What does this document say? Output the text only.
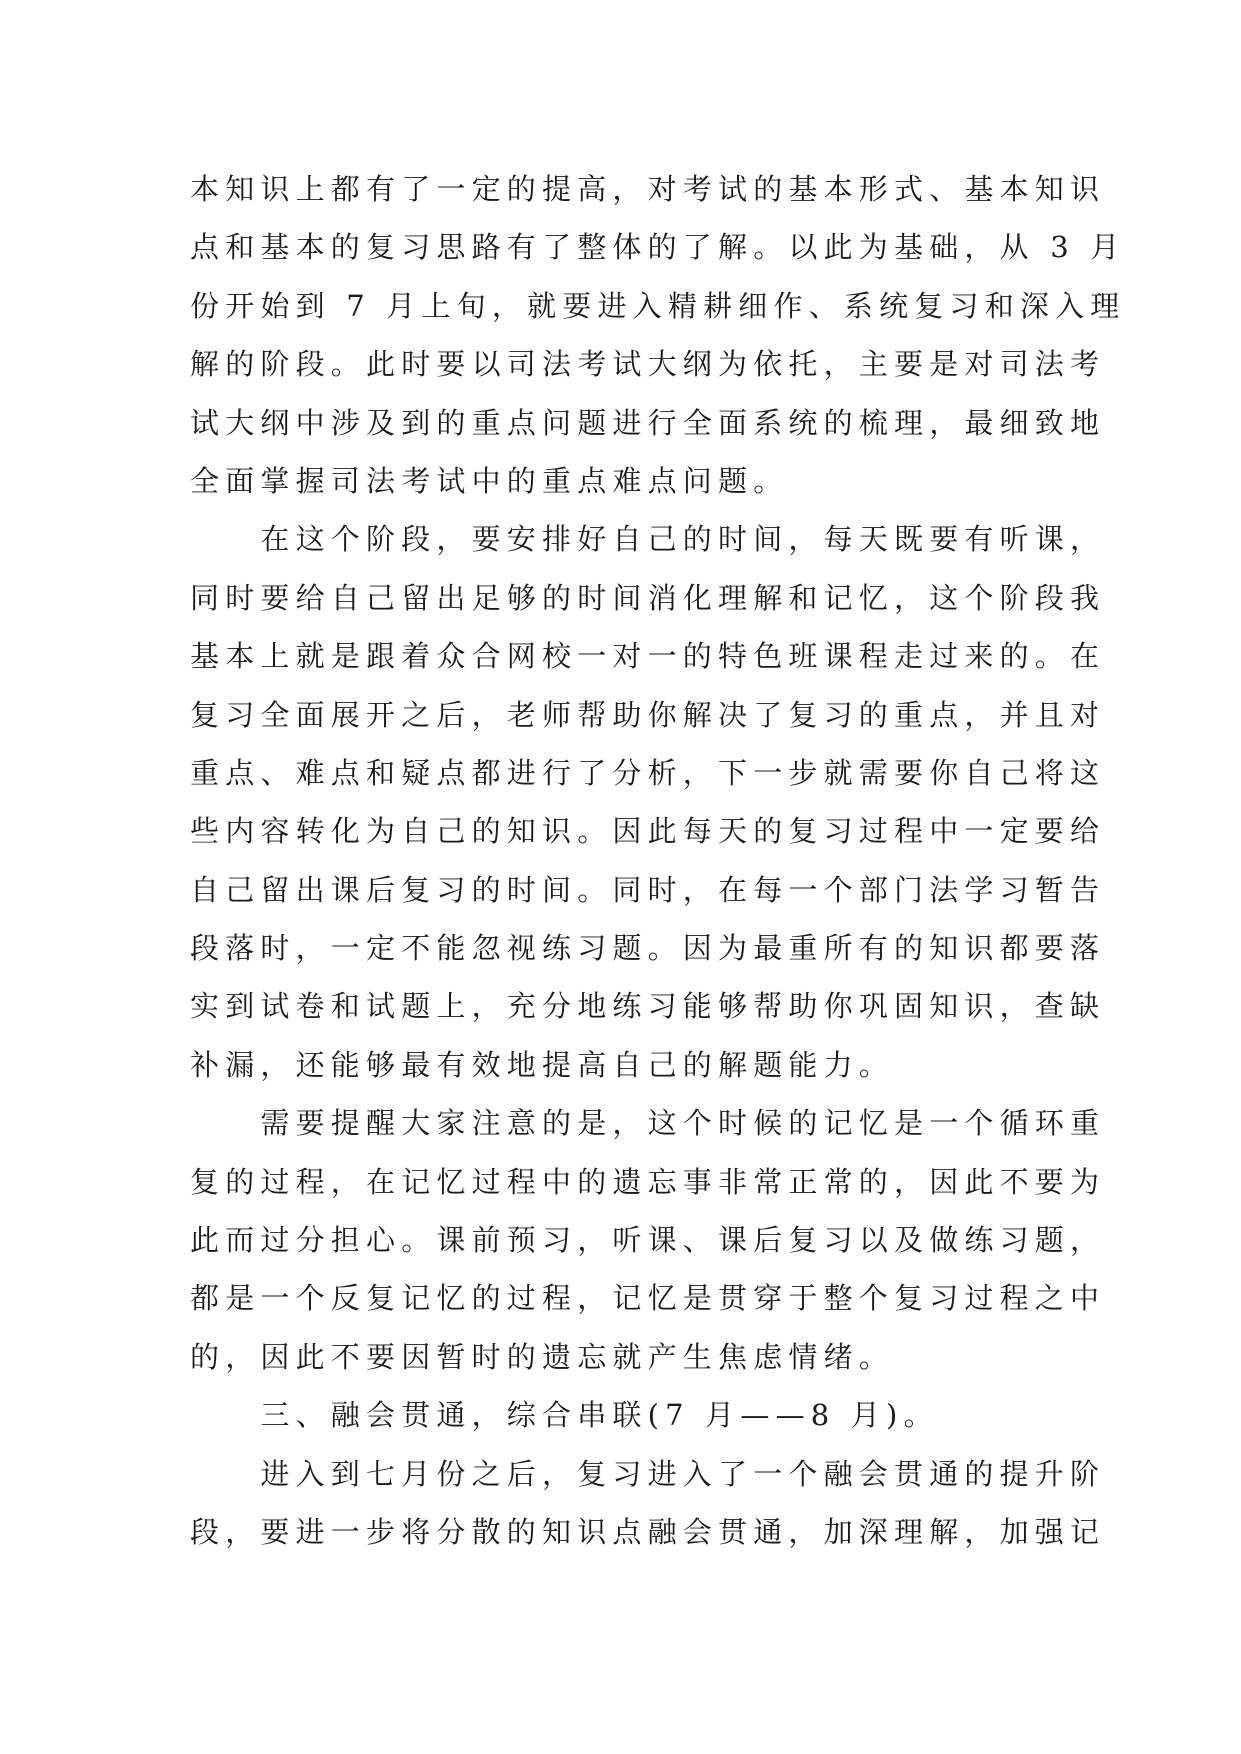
本知识上都有了一定的提高，对考试的基本形式、基本知识
点和基本的复习思路有了整体的了解。以此为基础，从 3 月
份开始到 7 月上旬，就要进入精耕细作、系统复习和深入理
解的阶段。此时要以司法考试大纲为依托，主要是对司法考
试大纲中涉及到的重点问题进行全面系统的梳理，最细致地
全面掌握司法考试中的重点难点问题。
　　在这个阶段，要安排好自己的时间，每天既要有听课，
同时要给自己留出足够的时间消化理解和记忆，这个阶段我
基本上就是跟着众合网校一对一的特色班课程走过来的。在
复习全面展开之后，老师帮助你解决了复习的重点，并且对
重点、难点和疑点都进行了分析，下一步就需要你自己将这
些内容转化为自己的知识。因此每天的复习过程中一定要给
自己留出课后复习的时间。同时，在每一个部门法学习暂告
段落时，一定不能忽视练习题。因为最重所有的知识都要落
实到试卷和试题上，充分地练习能够帮助你巩固知识，查缺
补漏，还能够最有效地提高自己的解题能力。
　　需要提醒大家注意的是，这个时候的记忆是一个循环重
复的过程，在记忆过程中的遗忘事非常正常的，因此不要为
此而过分担心。课前预习，听课、课后复习以及做练习题，
都是一个反复记忆的过程，记忆是贯穿于整个复习过程之中
的，因此不要因暂时的遗忘就产生焦虑情绪。
　　三、融会贯通，综合串联(7 月——8 月)。
　　进入到七月份之后，复习进入了一个融会贯通的提升阶
段，要进一步将分散的知识点融会贯通，加深理解，加强记
